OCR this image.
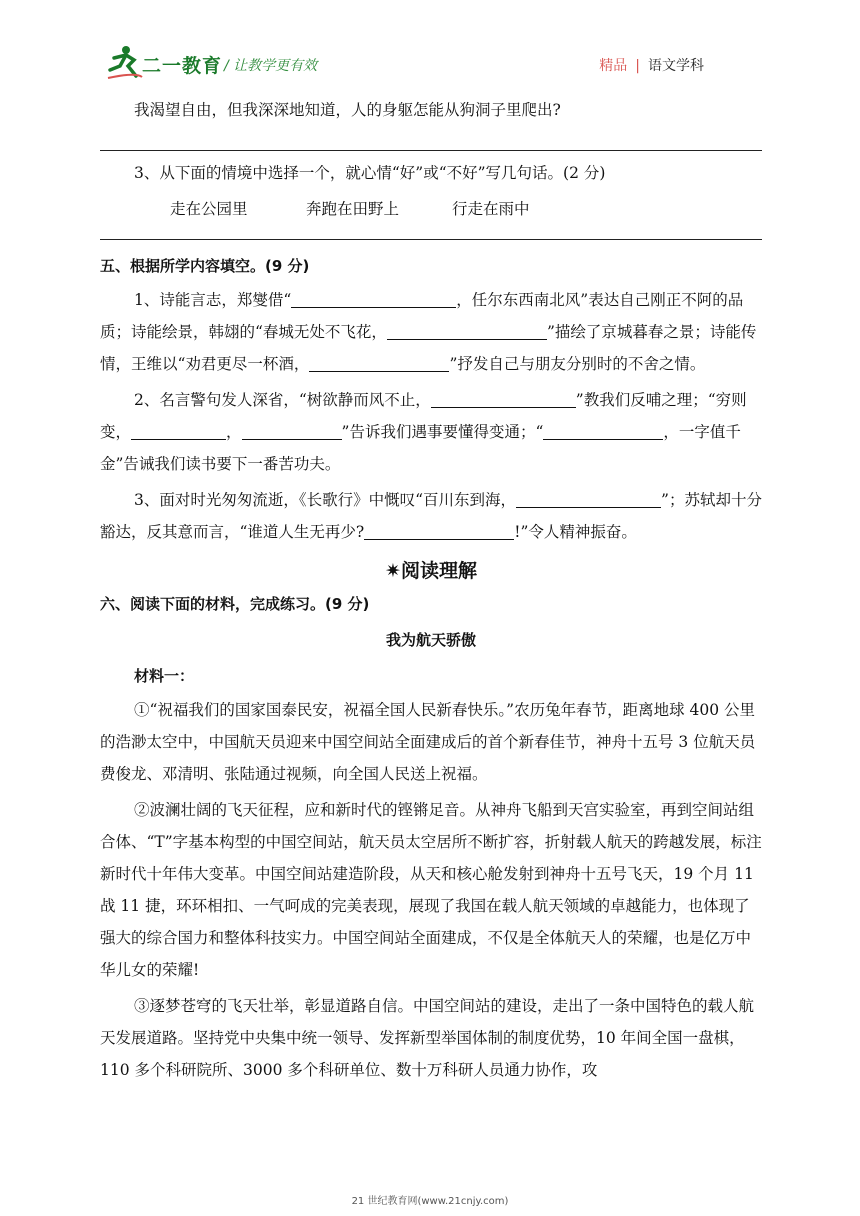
二一教育 / 让教学更有效	精品 | 语文学科

我渴望自由，但我深深地知道，人的身躯怎能从狗洞子里爬出?

3、从下面的情境中选择一个，就心情“好”或“不好”写几句话。(2 分)

走在公园里	奔跑在田野上	行走在雨中

五、根据所学内容填空。(9 分)

1、诗能言志，郑燮借“	，任尔东西南北风”表达自己刚正不阿的品质；诗能绘景，韩翃的“春城无处不飞花，	”描绘了京城暮春之景；诗能传情，王维以“劝君更尽一杯酒，	”抒发自己与朋友分别时的不舍之情。

2、名言警句发人深省，“树欲静而风不止，	”教我们反哺之理；“穷则变，	，	”告诉我们遇事要懂得变通；“	，一字值千金”告诫我们读书要下一番苦功夫。

3、面对时光匆匆流逝，《长歌行》中慨叹“百川东到海，	”；苏轼却十分豁达，反其意而言，“谁道人生无再少?	!”令人精神振奋。

✷阅读理解

六、阅读下面的材料，完成练习。(9 分)

我为航天骄傲

材料一：

①“祝福我们的国家国泰民安，祝福全国人民新春快乐。”农历兔年春节，距离地球 400 公里的浩渺太空中，中国航天员迎来中国空间站全面建成后的首个新春佳节，神舟十五号 3 位航天员费俊龙、邓清明、张陆通过视频，向全国人民送上祝福。

②波澜壮阔的飞天征程，应和新时代的铿锵足音。从神舟飞船到天宫实验室，再到空间站组合体、“T”字基本构型的中国空间站，航天员太空居所不断扩容，折射载人航天的跨越发展，标注新时代十年伟大变革。中国空间站建造阶段，从天和核心舱发射到神舟十五号飞天，19 个月 11 战 11 捷，环环相扣、一气呵成的完美表现，展现了我国在载人航天领域的卓越能力，也体现了强大的综合国力和整体科技实力。中国空间站全面建成，不仅是全体航天人的荣耀，也是亿万中华儿女的荣耀!

③逐梦苍穹的飞天壮举，彰显道路自信。中国空间站的建设，走出了一条中国特色的载人航天发展道路。坚持党中央集中统一领导、发挥新型举国体制的制度优势，10 年间全国一盘棋，110 多个科研院所、3000 多个科研单位、数十万科研人员通力协作，攻

21 世纪教育网(www.21cnjy.com)
